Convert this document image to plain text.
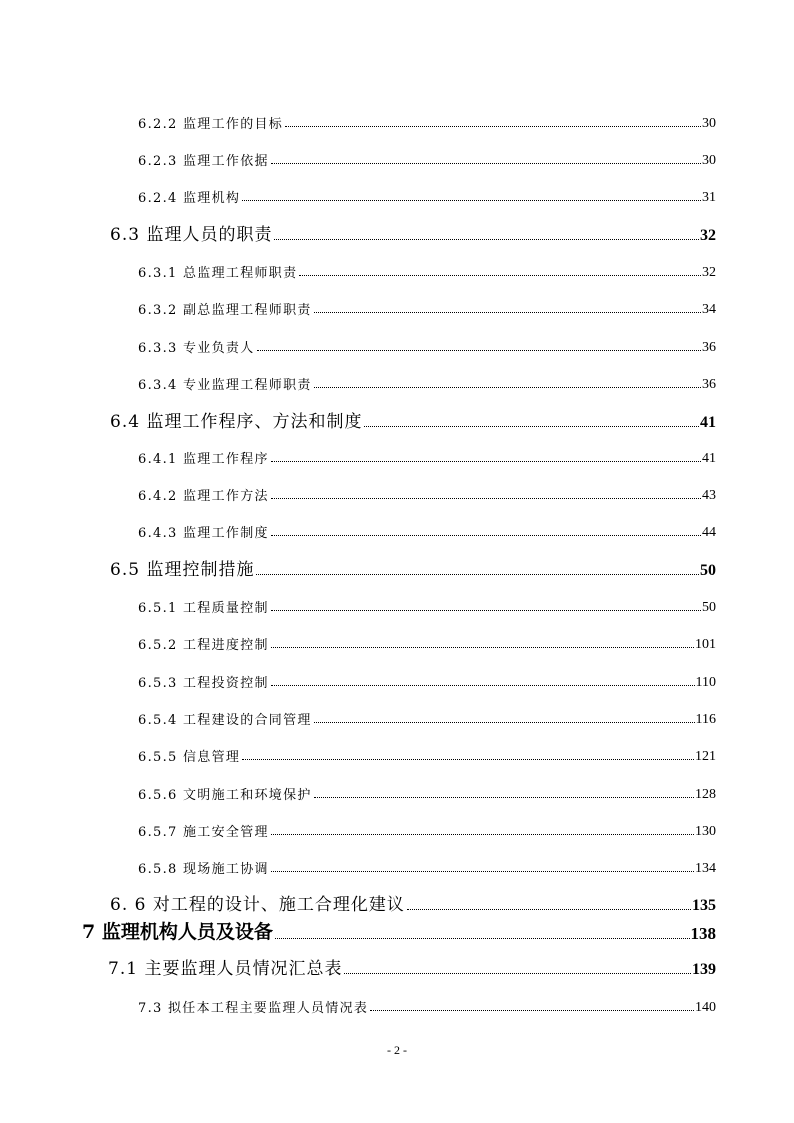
6.2.2 监理工作的目标	30
6.2.3 监理工作依据	30
6.2.4 监理机构	31
6.3 监理人员的职责	32
6.3.1 总监理工程师职责	32
6.3.2 副总监理工程师职责	34
6.3.3 专业负责人	36
6.3.4 专业监理工程师职责	36
6.4 监理工作程序、方法和制度	41
6.4.1 监理工作程序	41
6.4.2 监理工作方法	43
6.4.3 监理工作制度	44
6.5 监理控制措施	50
6.5.1 工程质量控制	50
6.5.2 工程进度控制	101
6.5.3 工程投资控制	110
6.5.4 工程建设的合同管理	116
6.5.5 信息管理	121
6.5.6 文明施工和环境保护	128
6.5.7 施工安全管理	130
6.5.8 现场施工协调	134
6. 6 对工程的设计、施工合理化建议	135
7 监理机构人员及设备	138
7.1 主要监理人员情况汇总表	139
7.3 拟任本工程主要监理人员情况表	140
- 2 -
